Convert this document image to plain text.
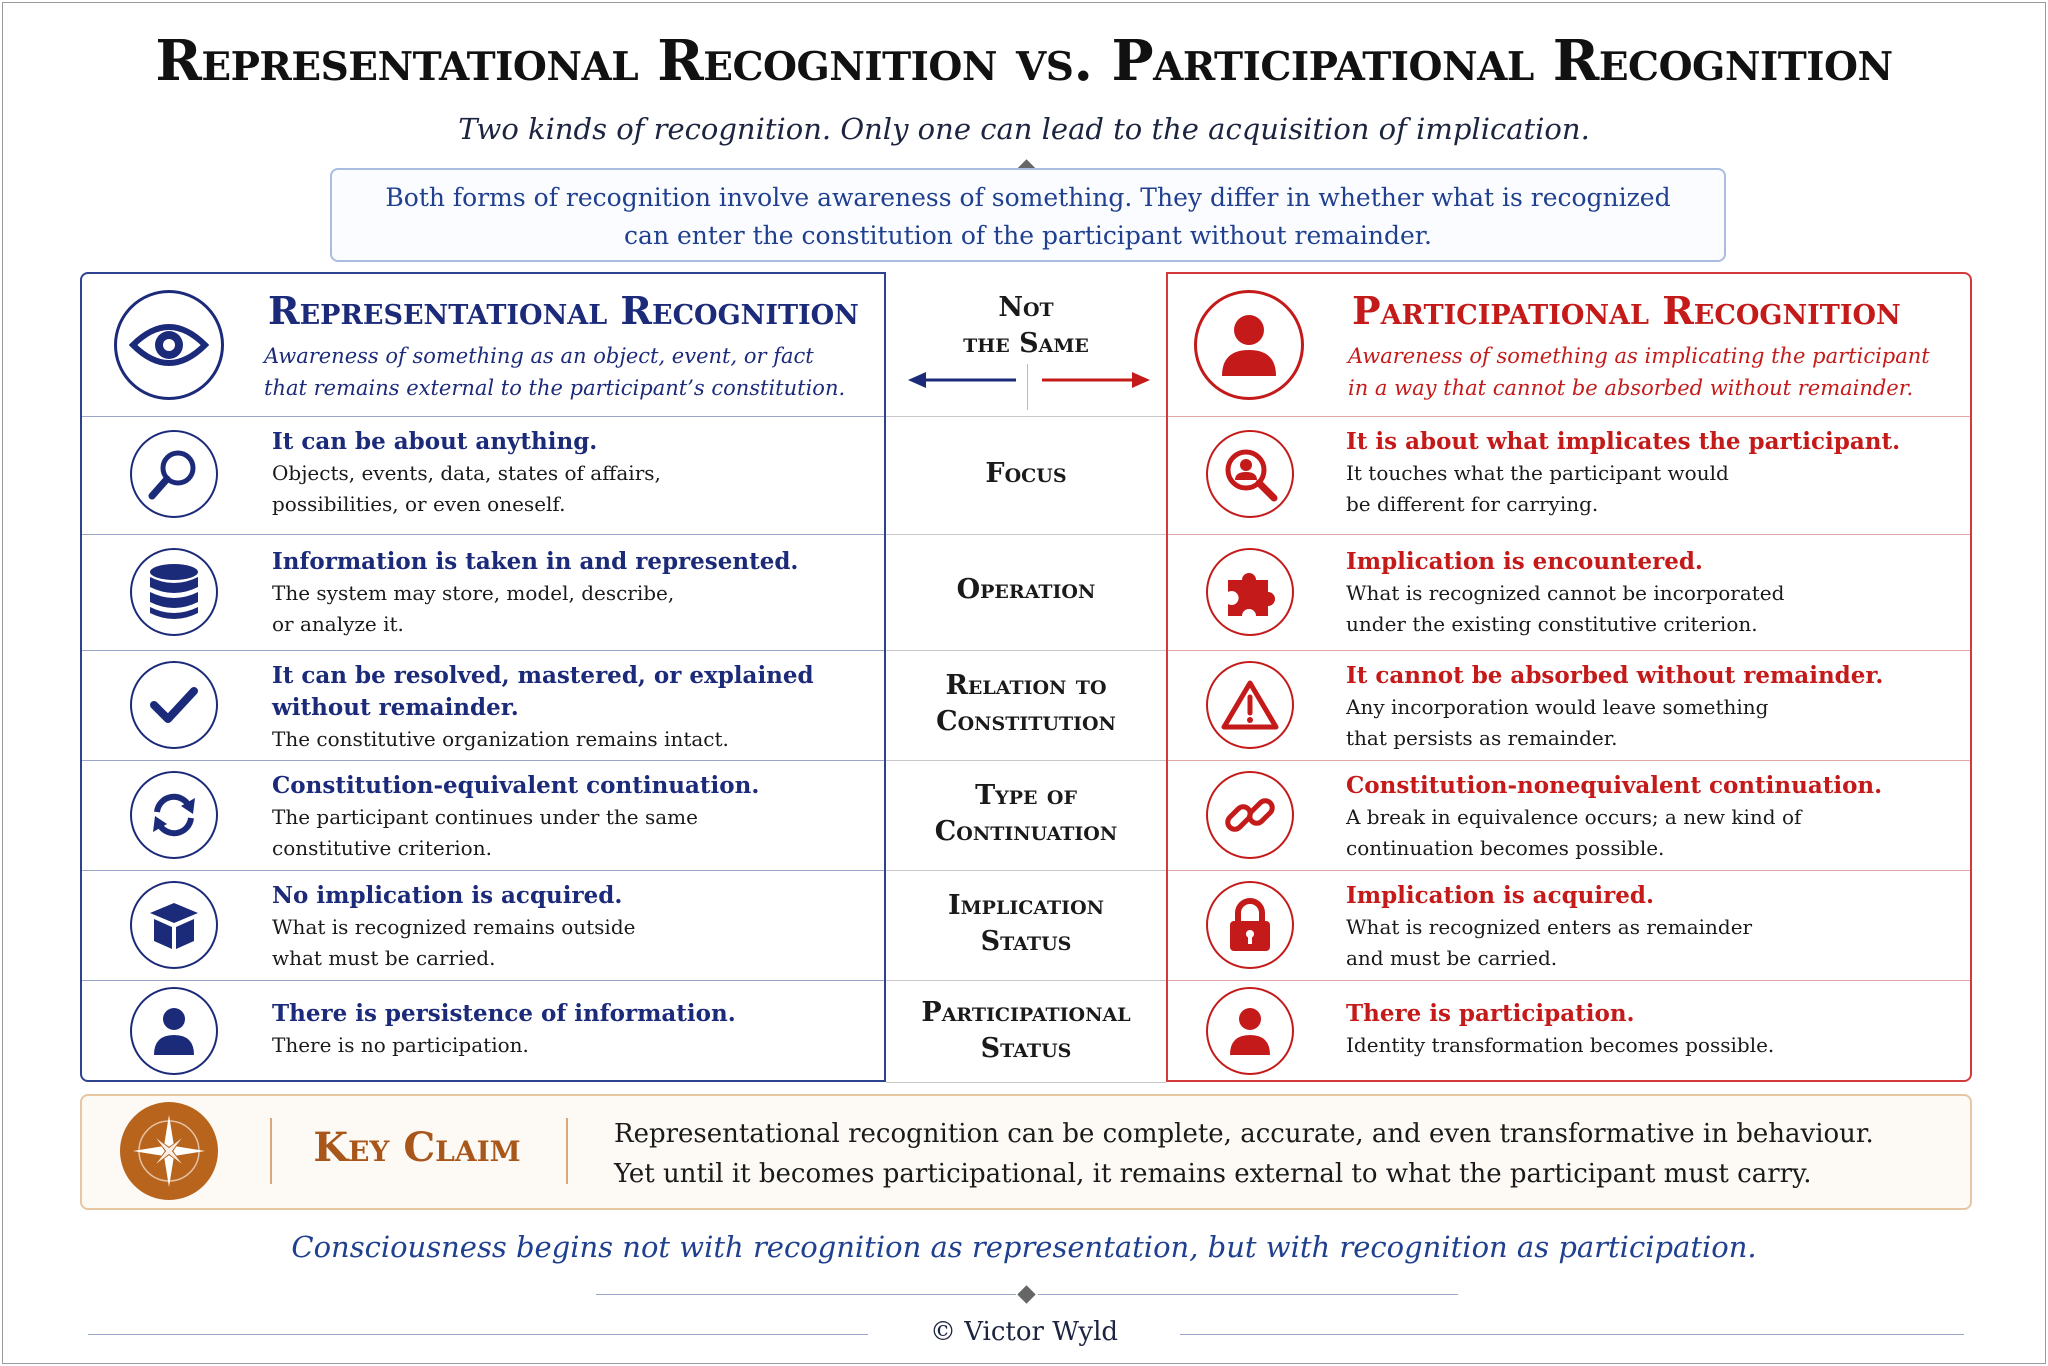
Representational Recognition vs. Participational Recognition
Two kinds of recognition. Only one can lead to the acquisition of implication.
Both forms of recognition involve awareness of something. They differ in whether what is recognized
can enter the constitution of the participant without remainder.
Representational Recognition
Awareness of something as an object, event, or fact
that remains external to the participant’s constitution.
Not
the Same
Participational Recognition
Awareness of something as implicating the participant
in a way that cannot be absorbed without remainder.
It can be about anything.
Objects, events, data, states of affairs,
possibilities, or even oneself.
Focus
It is about what implicates the participant.
It touches what the participant would
be different for carrying.
Information is taken in and represented.
The system may store, model, describe,
or analyze it.
Operation
Implication is encountered.
What is recognized cannot be incorporated
under the existing constitutive criterion.
It can be resolved, mastered, or explained
without remainder.
The constitutive organization remains intact.
Relation to
Constitution
It cannot be absorbed without remainder.
Any incorporation would leave something
that persists as remainder.
Constitution-equivalent continuation.
The participant continues under the same
constitutive criterion.
Type of
Continuation
Constitution-nonequivalent continuation.
A break in equivalence occurs; a new kind of
continuation becomes possible.
No implication is acquired.
What is recognized remains outside
what must be carried.
Implication
Status
Implication is acquired.
What is recognized enters as remainder
and must be carried.
There is persistence of information.
There is no participation.
Participational
Status
There is participation.
Identity transformation becomes possible.
Key Claim	Representational recognition can be complete, accurate, and even transformative in behaviour.
Yet until it becomes participational, it remains external to what the participant must carry.
Consciousness begins not with recognition as representation, but with recognition as participation.
© Victor Wyld
